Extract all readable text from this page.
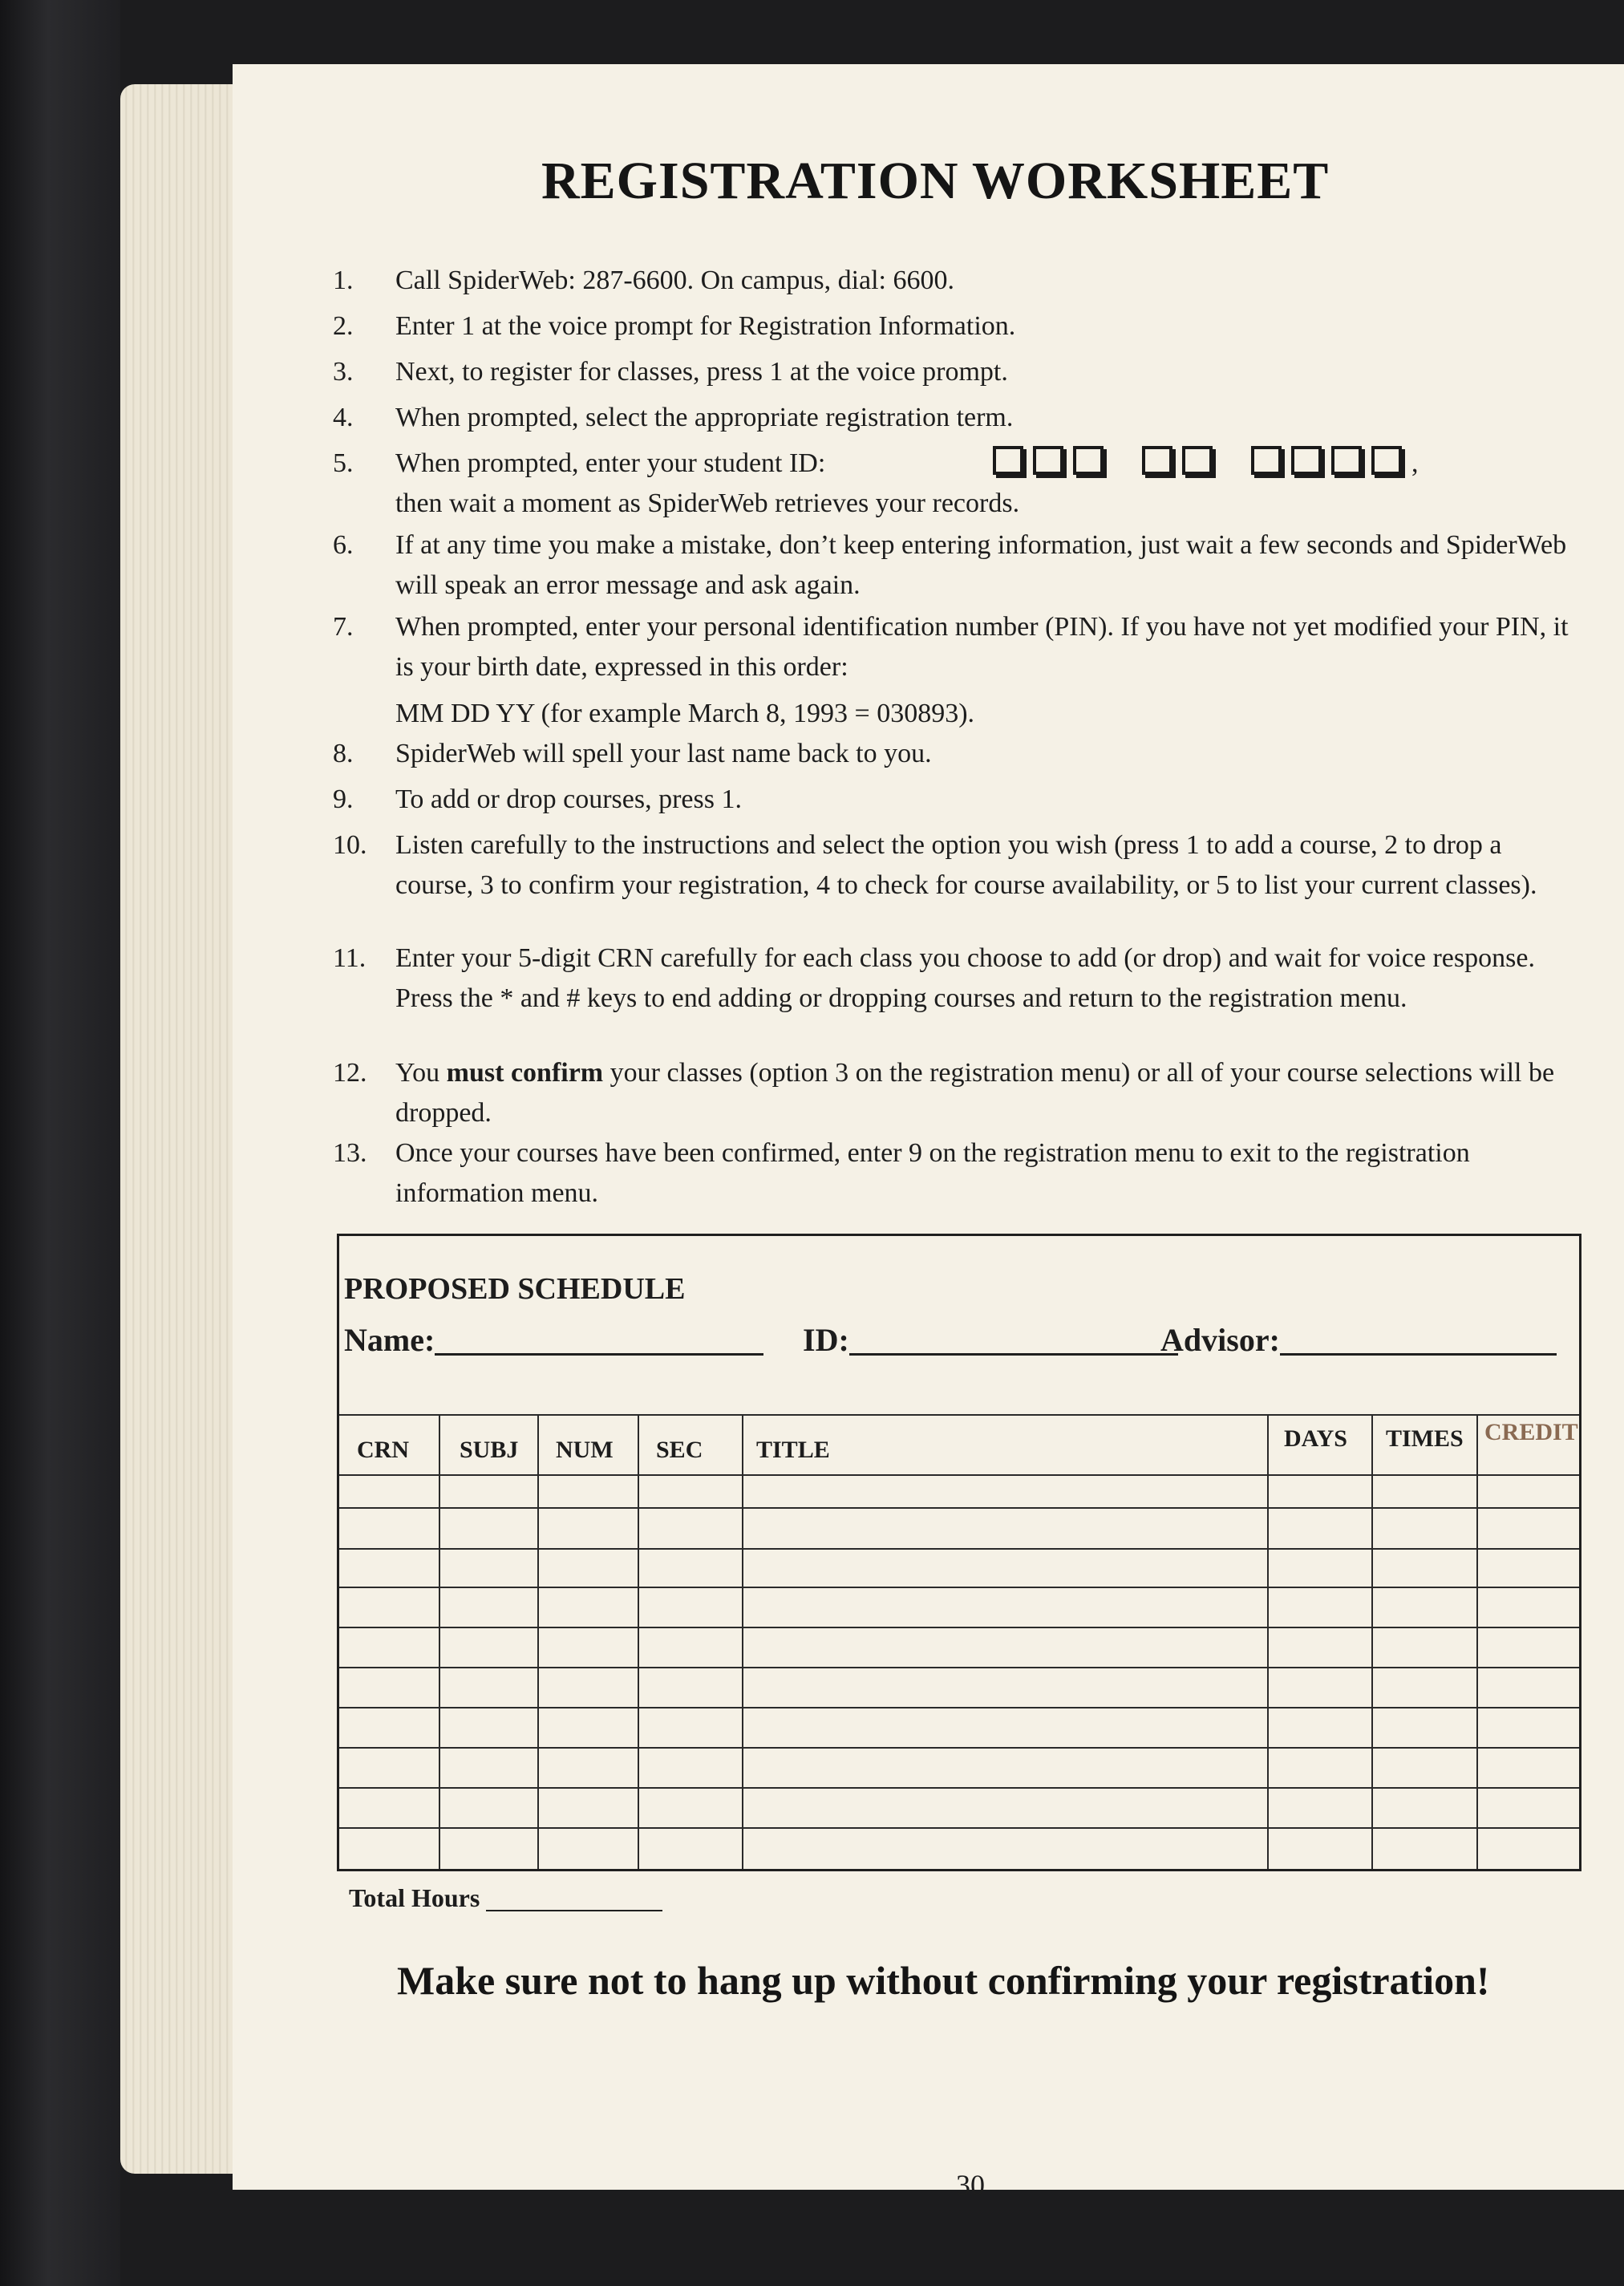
REGISTRATION WORKSHEET
1. Call SpiderWeb: 287-6600. On campus, dial: 6600.
2. Enter 1 at the voice prompt for Registration Information.
3. Next, to register for classes, press 1 at the voice prompt.
4. When prompted, select the appropriate registration term.
5. When prompted, enter your student ID:	,

then wait a moment as SpiderWeb retrieves your records.
6. If at any time you make a mistake, don’t keep entering information, just wait a few seconds and SpiderWeb will speak an error message and ask again.
7. When prompted, enter your personal identification number (PIN). If you have not yet modified your PIN, it is your birth date, expressed in this order:
MM DD YY (for example March 8, 1993 = 030893).
8. SpiderWeb will spell your last name back to you.
9. To add or drop courses, press 1.
10. Listen carefully to the instructions and select the option you wish (press 1 to add a course, 2 to drop a course, 3 to confirm your registration, 4 to check for course availability, or 5 to list your current classes).
11. Enter your 5-digit CRN carefully for each class you choose to add (or drop) and wait for voice response. Press the * and # keys to end adding or dropping courses and return to the registration menu.
12. You must confirm your classes (option 3 on the registration menu) or all of your course selections will be dropped.
13. Once your courses have been confirmed, enter 9 on the registration menu to exit to the registration information menu.
PROPOSED SCHEDULE
Name:	ID:	Advisor:
CRN SUBJ NUM SEC TITLE	DAYS TIMES CREDIT
Total Hours
Make sure not to hang up without confirming your registration!
30
